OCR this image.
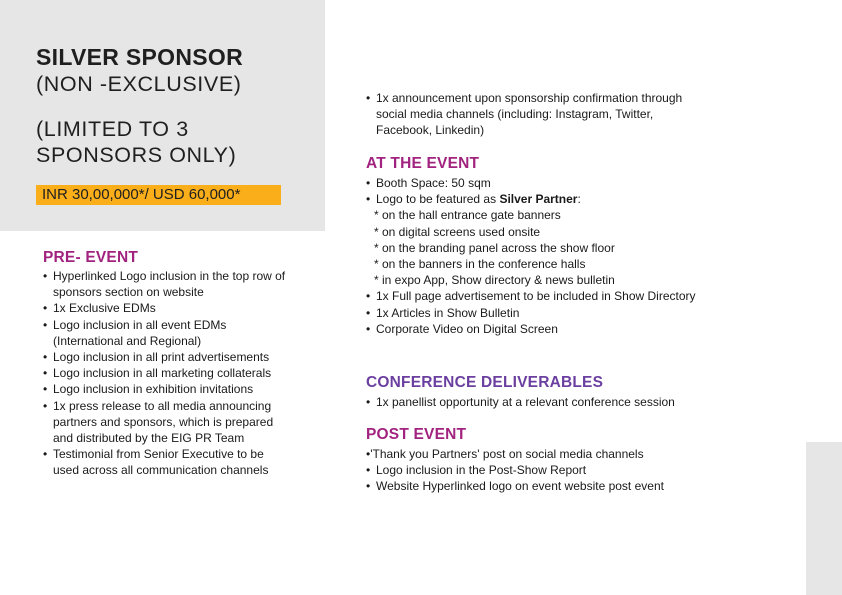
SILVER SPONSOR

(NON -EXCLUSIVE)

(LIMITED TO 3
SPONSORS ONLY)

INR 30,00,000*/ USD 60,000*
PRE- EVENT
• Hyperlinked Logo inclusion in the top row of sponsors section on website
• 1x Exclusive EDMs
• Logo inclusion in all event EDMs (International and Regional)
• Logo inclusion in all print advertisements
• Logo inclusion in all marketing collaterals
• Logo inclusion in exhibition invitations
• 1x press release to all media announcing partners and sponsors, which is prepared and distributed by the EIG PR Team
• Testimonial from Senior Executive to be used across all communication channels
• 1x announcement upon sponsorship confirmation through social media channels (including: Instagram, Twitter, Facebook, Linkedin)
AT THE EVENT
• Booth Space: 50 sqm
• Logo to be featured as Silver Partner:
* on the hall entrance gate banners
* on digital screens used onsite
* on the branding panel across the show floor
* on the banners in the conference halls
* in expo App, Show directory & news bulletin
• 1x Full page advertisement to be included in Show Directory
• 1x Articles in Show Bulletin
• Corporate Video on Digital Screen
CONFERENCE DELIVERABLES
• 1x panellist opportunity at a relevant conference session
POST EVENT
•'Thank you Partners' post on social media channels
• Logo inclusion in the Post-Show Report
• Website Hyperlinked logo on event website post event
